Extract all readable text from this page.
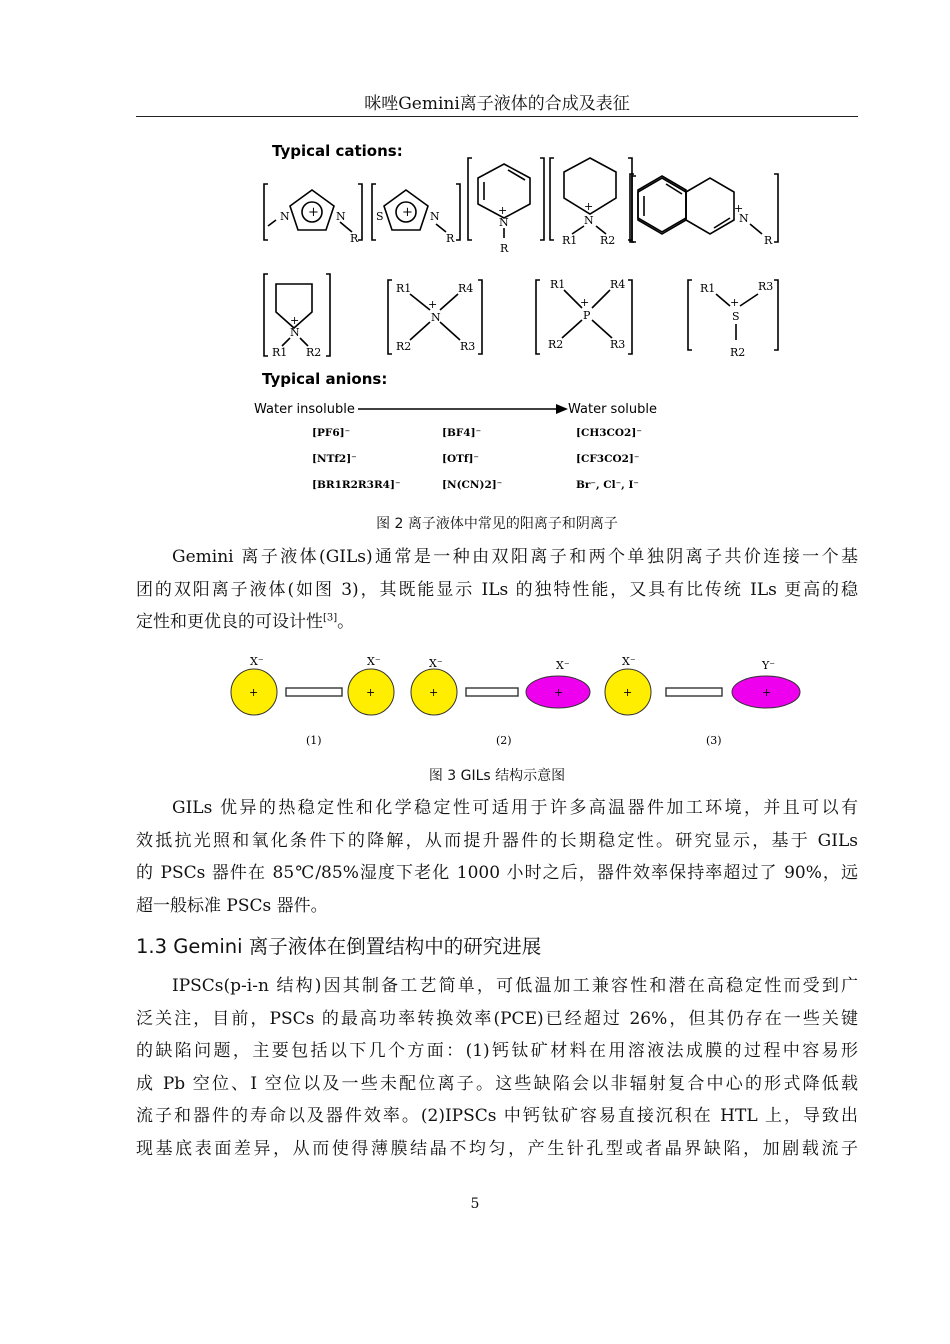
咪唑Gemini离子液体的合成及表征
Typical cations:
+
N	N
R
+
S	N
R
+
N
R
+
N
R1 R2
+
N
R1 R2
R1	R4
R2	R3
+
N
R1	R4
R2	R3
+
P
Typical anions:
Water insoluble	Water soluble
[PF6]⁻	[BF4]⁻	[CH3CO2]⁻
[NTf2]⁻	[OTf]⁻	[CF3CO2]⁻
[BR1R2R3R4]⁻	[N(CN)2]⁻	Br⁻, Cl⁻, I⁻
+
N
R
R1	R3
+
S
R2
图 2 离子液体中常见的阳离子和阴离子
Gemini 离子液体(GILs)通常是一种由双阳离子和两个单独阴离子共价连接一个基
团的双阳离子液体(如图 3)，其既能显示 ILs 的独特性能，又具有比传统 ILs 更高的稳
定性和更优良的可设计性[3]。
+
X⁻
+
X⁻
(1)
+
X⁻
+
X⁻
(2)
+
X⁻
+
Y⁻
(3)
图 3 GILs 结构示意图
GILs 优异的热稳定性和化学稳定性可适用于许多高温器件加工环境，并且可以有
效抵抗光照和氧化条件下的降解，从而提升器件的长期稳定性。研究显示，基于 GILs
的 PSCs 器件在 85℃/85%湿度下老化 1000 小时之后，器件效率保持率超过了 90%，远
超一般标准 PSCs 器件。
1.3 Gemini 离子液体在倒置结构中的研究进展
IPSCs(p-i-n 结构)因其制备工艺简单，可低温加工兼容性和潜在高稳定性而受到广
泛关注，目前，PSCs 的最高功率转换效率(PCE)已经超过 26%，但其仍存在一些关键
的缺陷问题，主要包括以下几个方面：(1)钙钛矿材料在用溶液法成膜的过程中容易形
成 Pb 空位、I 空位以及一些未配位离子。这些缺陷会以非辐射复合中心的形式降低载
流子和器件的寿命以及器件效率。(2)IPSCs 中钙钛矿容易直接沉积在 HTL 上，导致出
现基底表面差异，从而使得薄膜结晶不均匀，产生针孔型或者晶界缺陷，加剧载流子
5
